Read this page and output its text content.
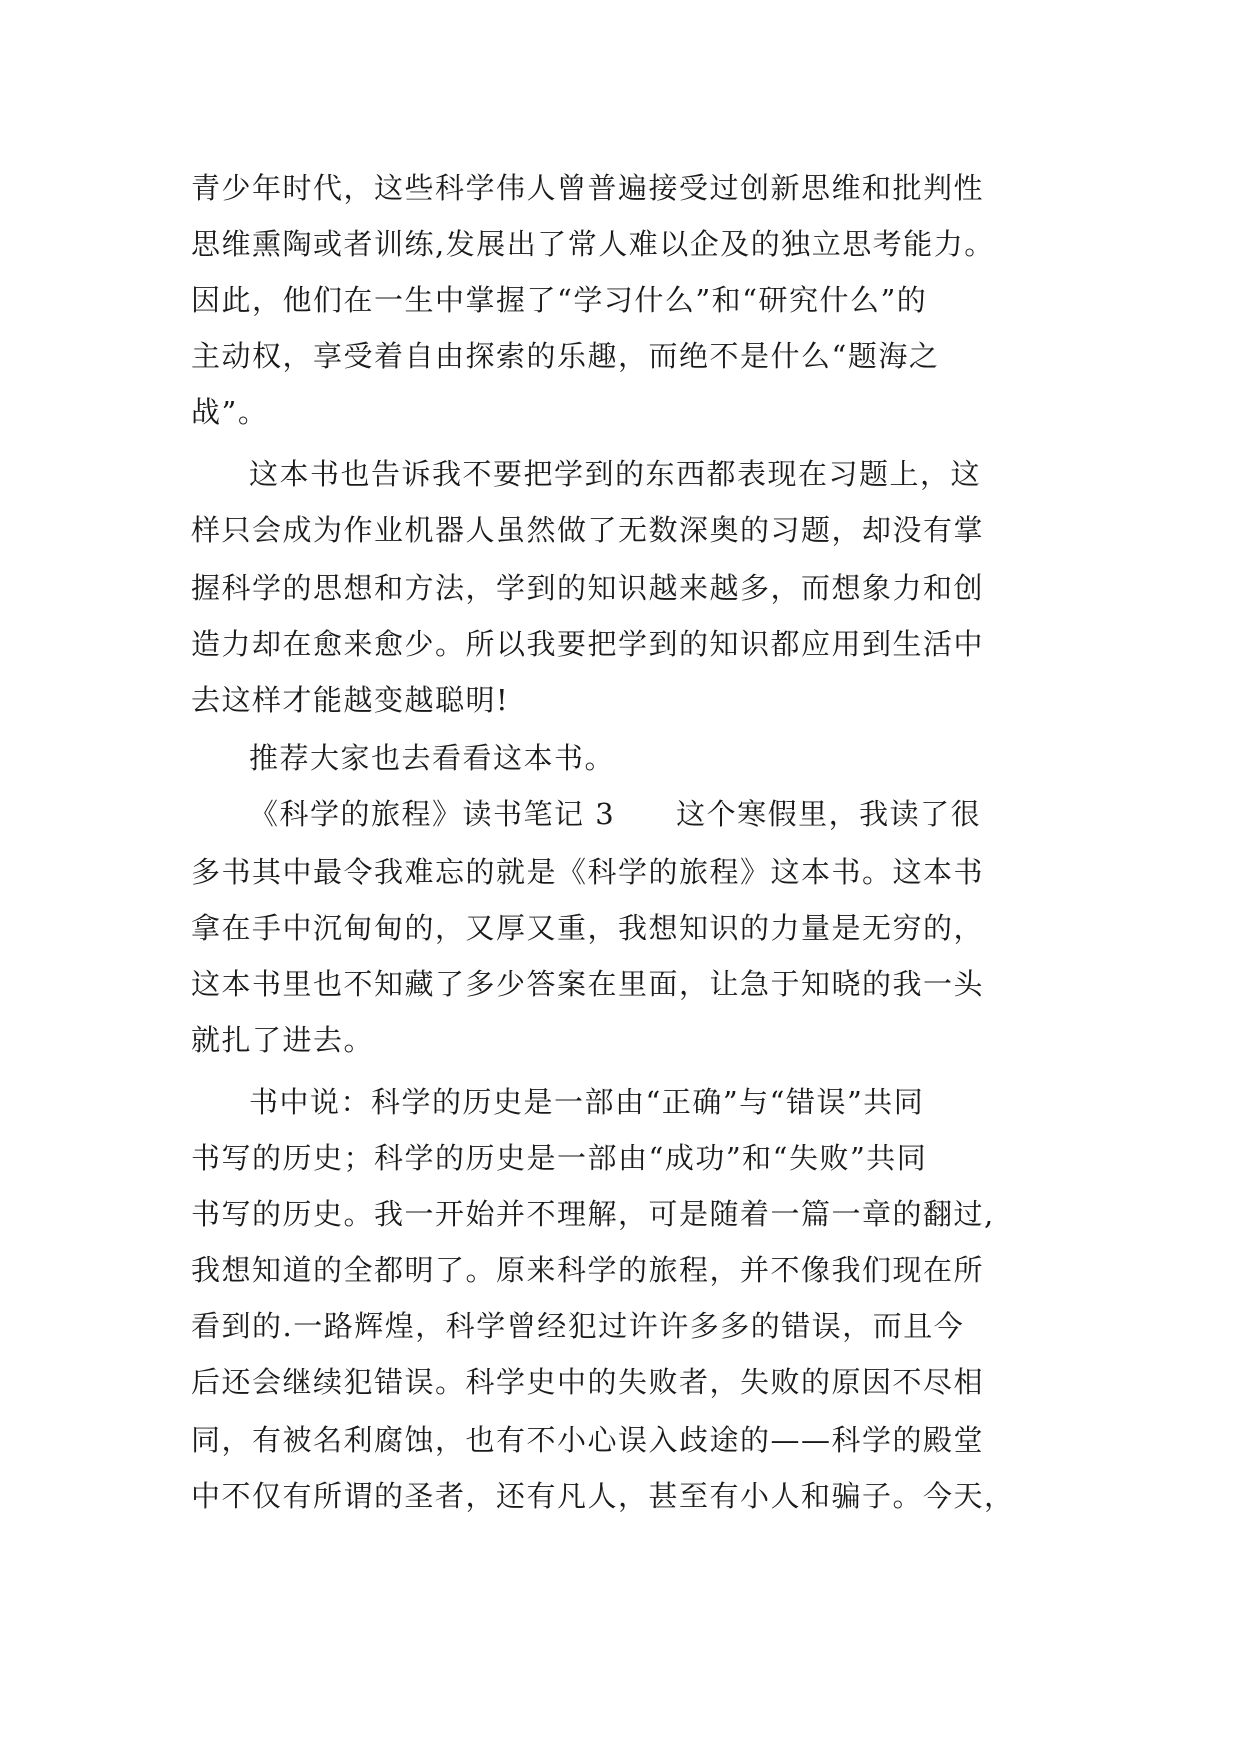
青少年时代，这些科学伟人曾普遍接受过创新思维和批判性
思维熏陶或者训练,发展出了常人难以企及的独立思考能力。
因此，他们在一生中掌握了“学习什么”和“研究什么”的
主动权，享受着自由探索的乐趣，而绝不是什么“题海之
战”。
这本书也告诉我不要把学到的东西都表现在习题上，这
样只会成为作业机器人虽然做了无数深奥的习题，却没有掌
握科学的思想和方法，学到的知识越来越多，而想象力和创
造力却在愈来愈少。所以我要把学到的知识都应用到生活中
去这样才能越变越聪明!
推荐大家也去看看这本书。
《科学的旅程》读书笔记 3　　这个寒假里，我读了很
多书其中最令我难忘的就是《科学的旅程》这本书。这本书
拿在手中沉甸甸的，又厚又重，我想知识的力量是无穷的，
这本书里也不知藏了多少答案在里面，让急于知晓的我一头
就扎了进去。
书中说：科学的历史是一部由“正确”与“错误”共同
书写的历史；科学的历史是一部由“成功”和“失败”共同
书写的历史。我一开始并不理解，可是随着一篇一章的翻过,
我想知道的全都明了。原来科学的旅程，并不像我们现在所
看到的.一路辉煌，科学曾经犯过许许多多的错误，而且今
后还会继续犯错误。科学史中的失败者，失败的原因不尽相
同，有被名利腐蚀，也有不小心误入歧途的——科学的殿堂
中不仅有所谓的圣者，还有凡人，甚至有小人和骗子。今天，
